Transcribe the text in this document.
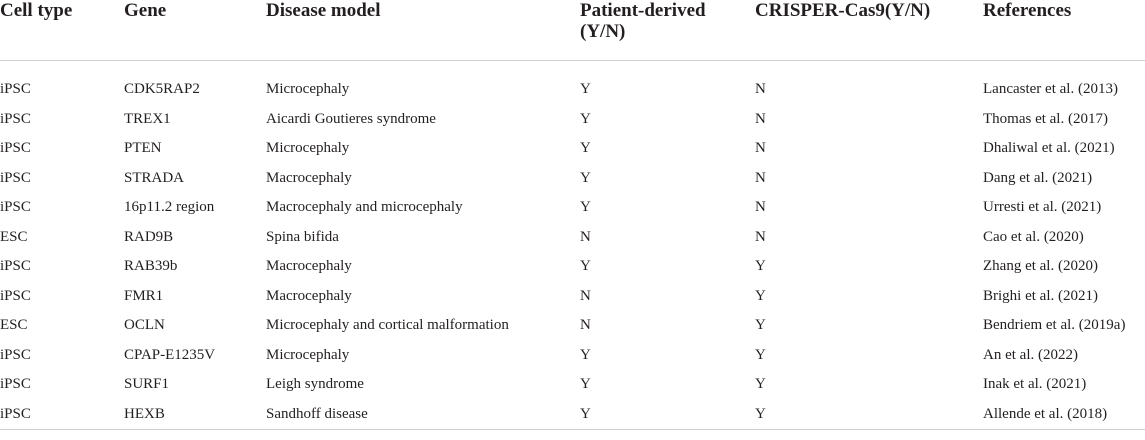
Cell type	Gene	Disease model	Patient-derived (Y/N)	CRISPER-Cas9(Y/N)	References

iPSC	CDK5RAP2	Microcephaly	Y	N	Lancaster et al. (2013)
iPSC	TREX1	Aicardi Goutieres syndrome	Y	N	Thomas et al. (2017)
iPSC	PTEN	Microcephaly	Y	N	Dhaliwal et al. (2021)
iPSC	STRADA	Macrocephaly	Y	N	Dang et al. (2021)
iPSC	16p11.2 region	Macrocephaly and microcephaly	Y	N	Urresti et al. (2021)
ESC	RAD9B	Spina bifida	N	N	Cao et al. (2020)
iPSC	RAB39b	Macrocephaly	Y	Y	Zhang et al. (2020)
iPSC	FMR1	Macrocephaly	N	Y	Brighi et al. (2021)
ESC	OCLN	Microcephaly and cortical malformation	N	Y	Bendriem et al. (2019a)
iPSC	CPAP-E1235V	Microcephaly	Y	Y	An et al. (2022)
iPSC	SURF1	Leigh syndrome	Y	Y	Inak et al. (2021)
iPSC	HEXB	Sandhoff disease	Y	Y	Allende et al. (2018)
